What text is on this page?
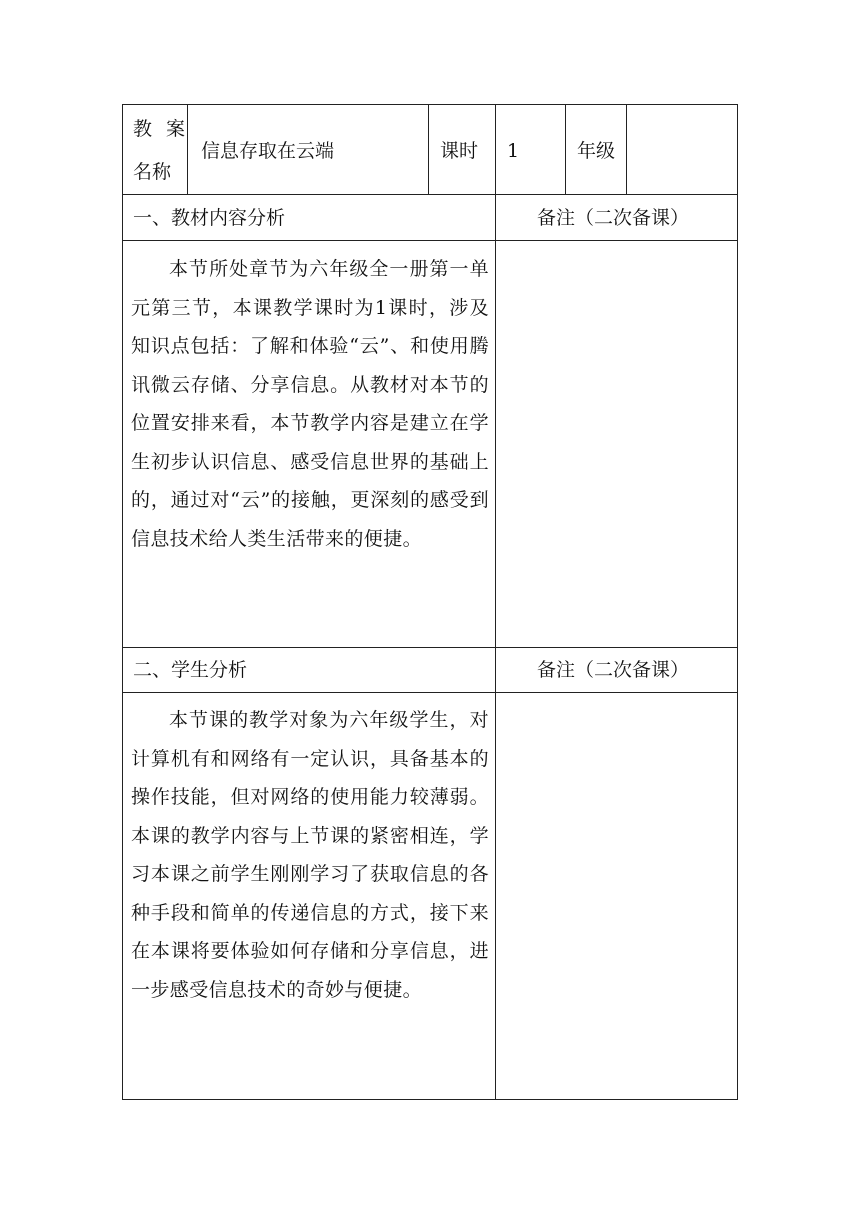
教 案
名称
信息存取在云端	课时 1	年级
一、教材内容分析	备注（二次备课）

本节所处章节为六年级全一册第一单元第三节，本课教学课时为1课时，涉及知识点包括：了解和体验“云”、和使用腾讯微云存储、分享信息。从教材对本节的位置安排来看，本节教学内容是建立在学生初步认识信息、感受信息世界的基础上的，通过对“云”的接触，更深刻的感受到信息技术给人类生活带来的便捷。

二、学生分析	备注（二次备课）

本节课的教学对象为六年级学生，对计算机有和网络有一定认识，具备基本的操作技能，但对网络的使用能力较薄弱。本课的教学内容与上节课的紧密相连，学习本课之前学生刚刚学习了获取信息的各种手段和简单的传递信息的方式，接下来在本课将要体验如何存储和分享信息，进一步感受信息技术的奇妙与便捷。
